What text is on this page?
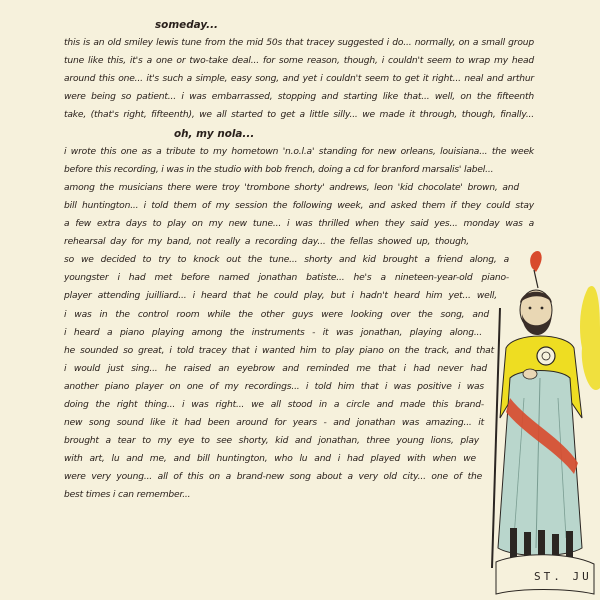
someday...
this is an old smiley lewis tune from the mid 50s that tracey suggested i do... normally, on a small group
tune like this, it's a one or two-take deal... for some reason, though, i couldn't seem to wrap my head
around this one... it's such a simple, easy song, and yet i couldn't seem to get it right... neal and arthur
were being so patient... i was embarrassed, stopping and starting like that... well, on the fifteenth
take, (that's right, fifteenth), we all started to get a little silly... we made it through, though, finally...
oh, my nola...
i wrote this one as a tribute to my hometown 'n.o.l.a' standing for new orleans, louisiana... the week
before this recording, i was in the studio with bob french, doing a cd for branford marsalis' label...
among the musicians there were troy 'trombone shorty' andrews, leon 'kid chocolate' brown, and
bill huntington... i told them of my session the following week, and asked them if they could stay
a few extra days to play on my new tune... i was thrilled when they said yes... monday was a
rehearsal day for my band, not really a recording day... the fellas showed up, though,
so we decided to try to knock out the tune... shorty and kid brought a friend along, a
youngster i had met before named jonathan batiste... he's a nineteen-year-old piano-
player attending juilliard... i heard that he could play, but i hadn't heard him yet... well,
i was in the control room while the other guys were looking over the song, and
i heard a piano playing among the instruments - it was jonathan, playing along...
he sounded so great, i told tracey that i wanted him to play piano on the track, and that
i would just sing... he raised an eyebrow and reminded me that i had never had
another piano player on one of my recordings... i told him that i was positive i was
doing the right thing... i was right... we all stood in a circle and made this brand-
new song sound like it had been around for years - and jonathan was amazing... it
brought a tear to my eye to see shorty, kid and jonathan, three young lions, play
with art, lu and me, and bill huntington, who lu and i had played with when we
were very young... all of this on a brand-new song about a very old city... one of the
best times i can remember...
ST. JU
